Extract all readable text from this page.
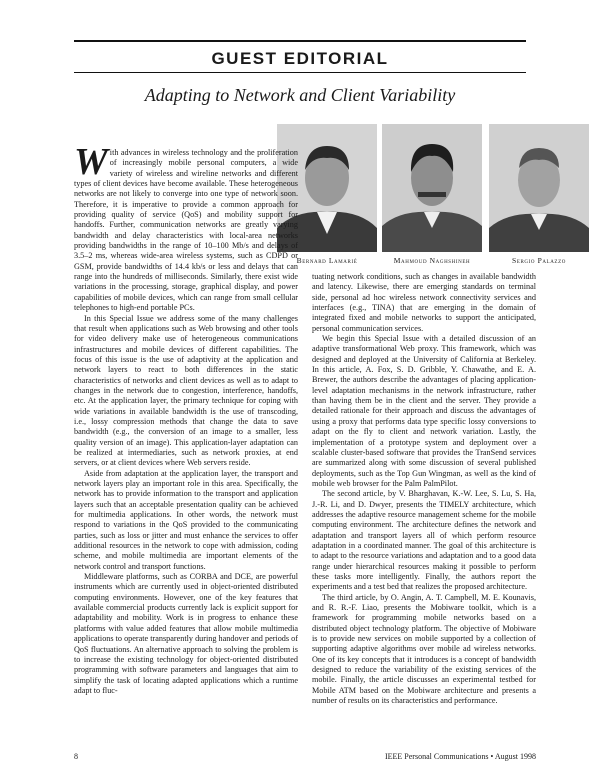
GUEST EDITORIAL
Adapting to Network and Client Variability
Bernard Lamarié	Mahmoud Naghshineh	Sergio Palazzo

With advances in wireless technology and the proliferation of increasingly mobile personal computers, a wide variety of wireless and wireline networks and different types of client devices have become available. These heterogeneous networks are not likely to converge into one type of network soon. Therefore, it is imperative to provide a common approach for providing quality of service (QoS) and mobility support for handoffs. Further, communication networks are greatly varying bandwidth and delay characteristics with local-area networks providing bandwidths in the range of 10–100 Mb/s and delays of 3.5–2 ms, whereas wide-area wireless systems, such as CDPD or GSM, provide bandwidths of 14.4 kb/s or less and delays that can range into the hundreds of milliseconds. Similarly, there exist wide variations in the processing, storage, graphical display, and power capabilities of mobile devices, which can range from small cellular telephones to high-end portable PCs.

In this Special Issue we address some of the many challenges that result when applications such as Web browsing and other tools for video delivery make use of heterogeneous communications infrastructures and mobile devices of different capabilities. The focus of this issue is the use of adaptivity at the application and network layers to react to both differences in the static characteristics of networks and client devices as well as to adapt to changes in the network due to congestion, interference, handoffs, etc. At the application layer, the primary technique for coping with wide variations in available bandwidth is the use of transcoding, i.e., lossy compression methods that change the data to save bandwidth (e.g., the conversion of an image to a smaller, less quality version of an image). This application-layer adaptation can be realized at intermediaries, such as network proxies, at end servers, or at client devices where Web servers reside.

Aside from adaptation at the application layer, the transport and network layers play an important role in this area. Specifically, the network has to provide information to the transport and application layers such that an acceptable presentation quality can be achieved for multimedia applications. In other words, the network must respond to variations in the QoS provided to the communicating parties, such as loss or jitter and must enhance the services to offer additional resources in the network to cope with admission, coding scheme, and mobile multimedia are important elements of the network control and transport functions.

Middleware platforms, such as CORBA and DCE, are powerful instruments which are currently used in object-oriented distributed computing environments. However, one of the key features that available commercial products currently lack is explicit support for adaptability and mobility. Work is in progress to enhance these platforms with value added features that allow mobile multimedia applications to operate transparently during handover and periods of QoS fluctuations. An alternative approach to solving the problem is to increase the existing technology for object-oriented distributed programming with software parameters and languages that aim to simplify the task of locating adapted applications which a runtime adapt to fluc-

tuating network conditions, such as changes in available bandwidth and latency. Likewise, there are emerging standards on terminal side, personal ad hoc wireless network connectivity services and interfaces (e.g., TINA) that are emerging in the domain of integrated fixed and mobile networks to support the anticipated, personal communication services.

We begin this Special Issue with a detailed discussion of an adaptive transformational Web proxy. This framework, which was designed and deployed at the University of California at Berkeley. In this article, A. Fox, S. D. Gribble, Y. Chawathe, and E. A. Brewer, the authors describe the advantages of placing application-level adaptation mechanisms in the network infrastructure, rather than having them be in the client and the server. They provide a detailed rationale for their approach and discuss the advantages of using a proxy that performs data type specific lossy conversions to adapt on the fly to client and network variation. Lastly, the implementation of a prototype system and deployment over a scalable cluster-based software that provides the TranSend services are summarized along with some discussion of several published deployments, such as the Top Gun Wingman, as well as the kind of mobile web browser for the Palm PalmPilot.

The second article, by V. Bharghavan, K.-W. Lee, S. Lu, S. Ha, J.-R. Li, and D. Dwyer, presents the TIMELY architecture, which addresses the adaptive resource management scheme for the mobile computing environment. The architecture defines the network and adaptation and transport layers all of which perform resource adaptation in a coordinated manner. The goal of this architecture is to adapt to the resource variations and adaptation and to a good data range under hierarchical resources making it possible to perform these tasks more intelligently. Finally, the authors report the experiments and a test bed that realizes the proposed architecture.

The third article, by O. Angin, A. T. Campbell, M. E. Kounavis, and R. R.-F. Liao, presents the Mobiware toolkit, which is a framework for programming mobile networks based on a distributed object technology platform. The objective of Mobiware is to provide new services on mobile supported by a collection of supporting adaptive algorithms over mobile ad wireless networks. One of its key concepts that it introduces is a concept of bandwidth designed to reduce the variability of the existing services of the mobile. Finally, the article discusses an experimental testbed for Mobile ATM based on the Mobiware architecture and presents a number of results on its characteristics and performance.

8	IEEE Personal Communications • August 1998
